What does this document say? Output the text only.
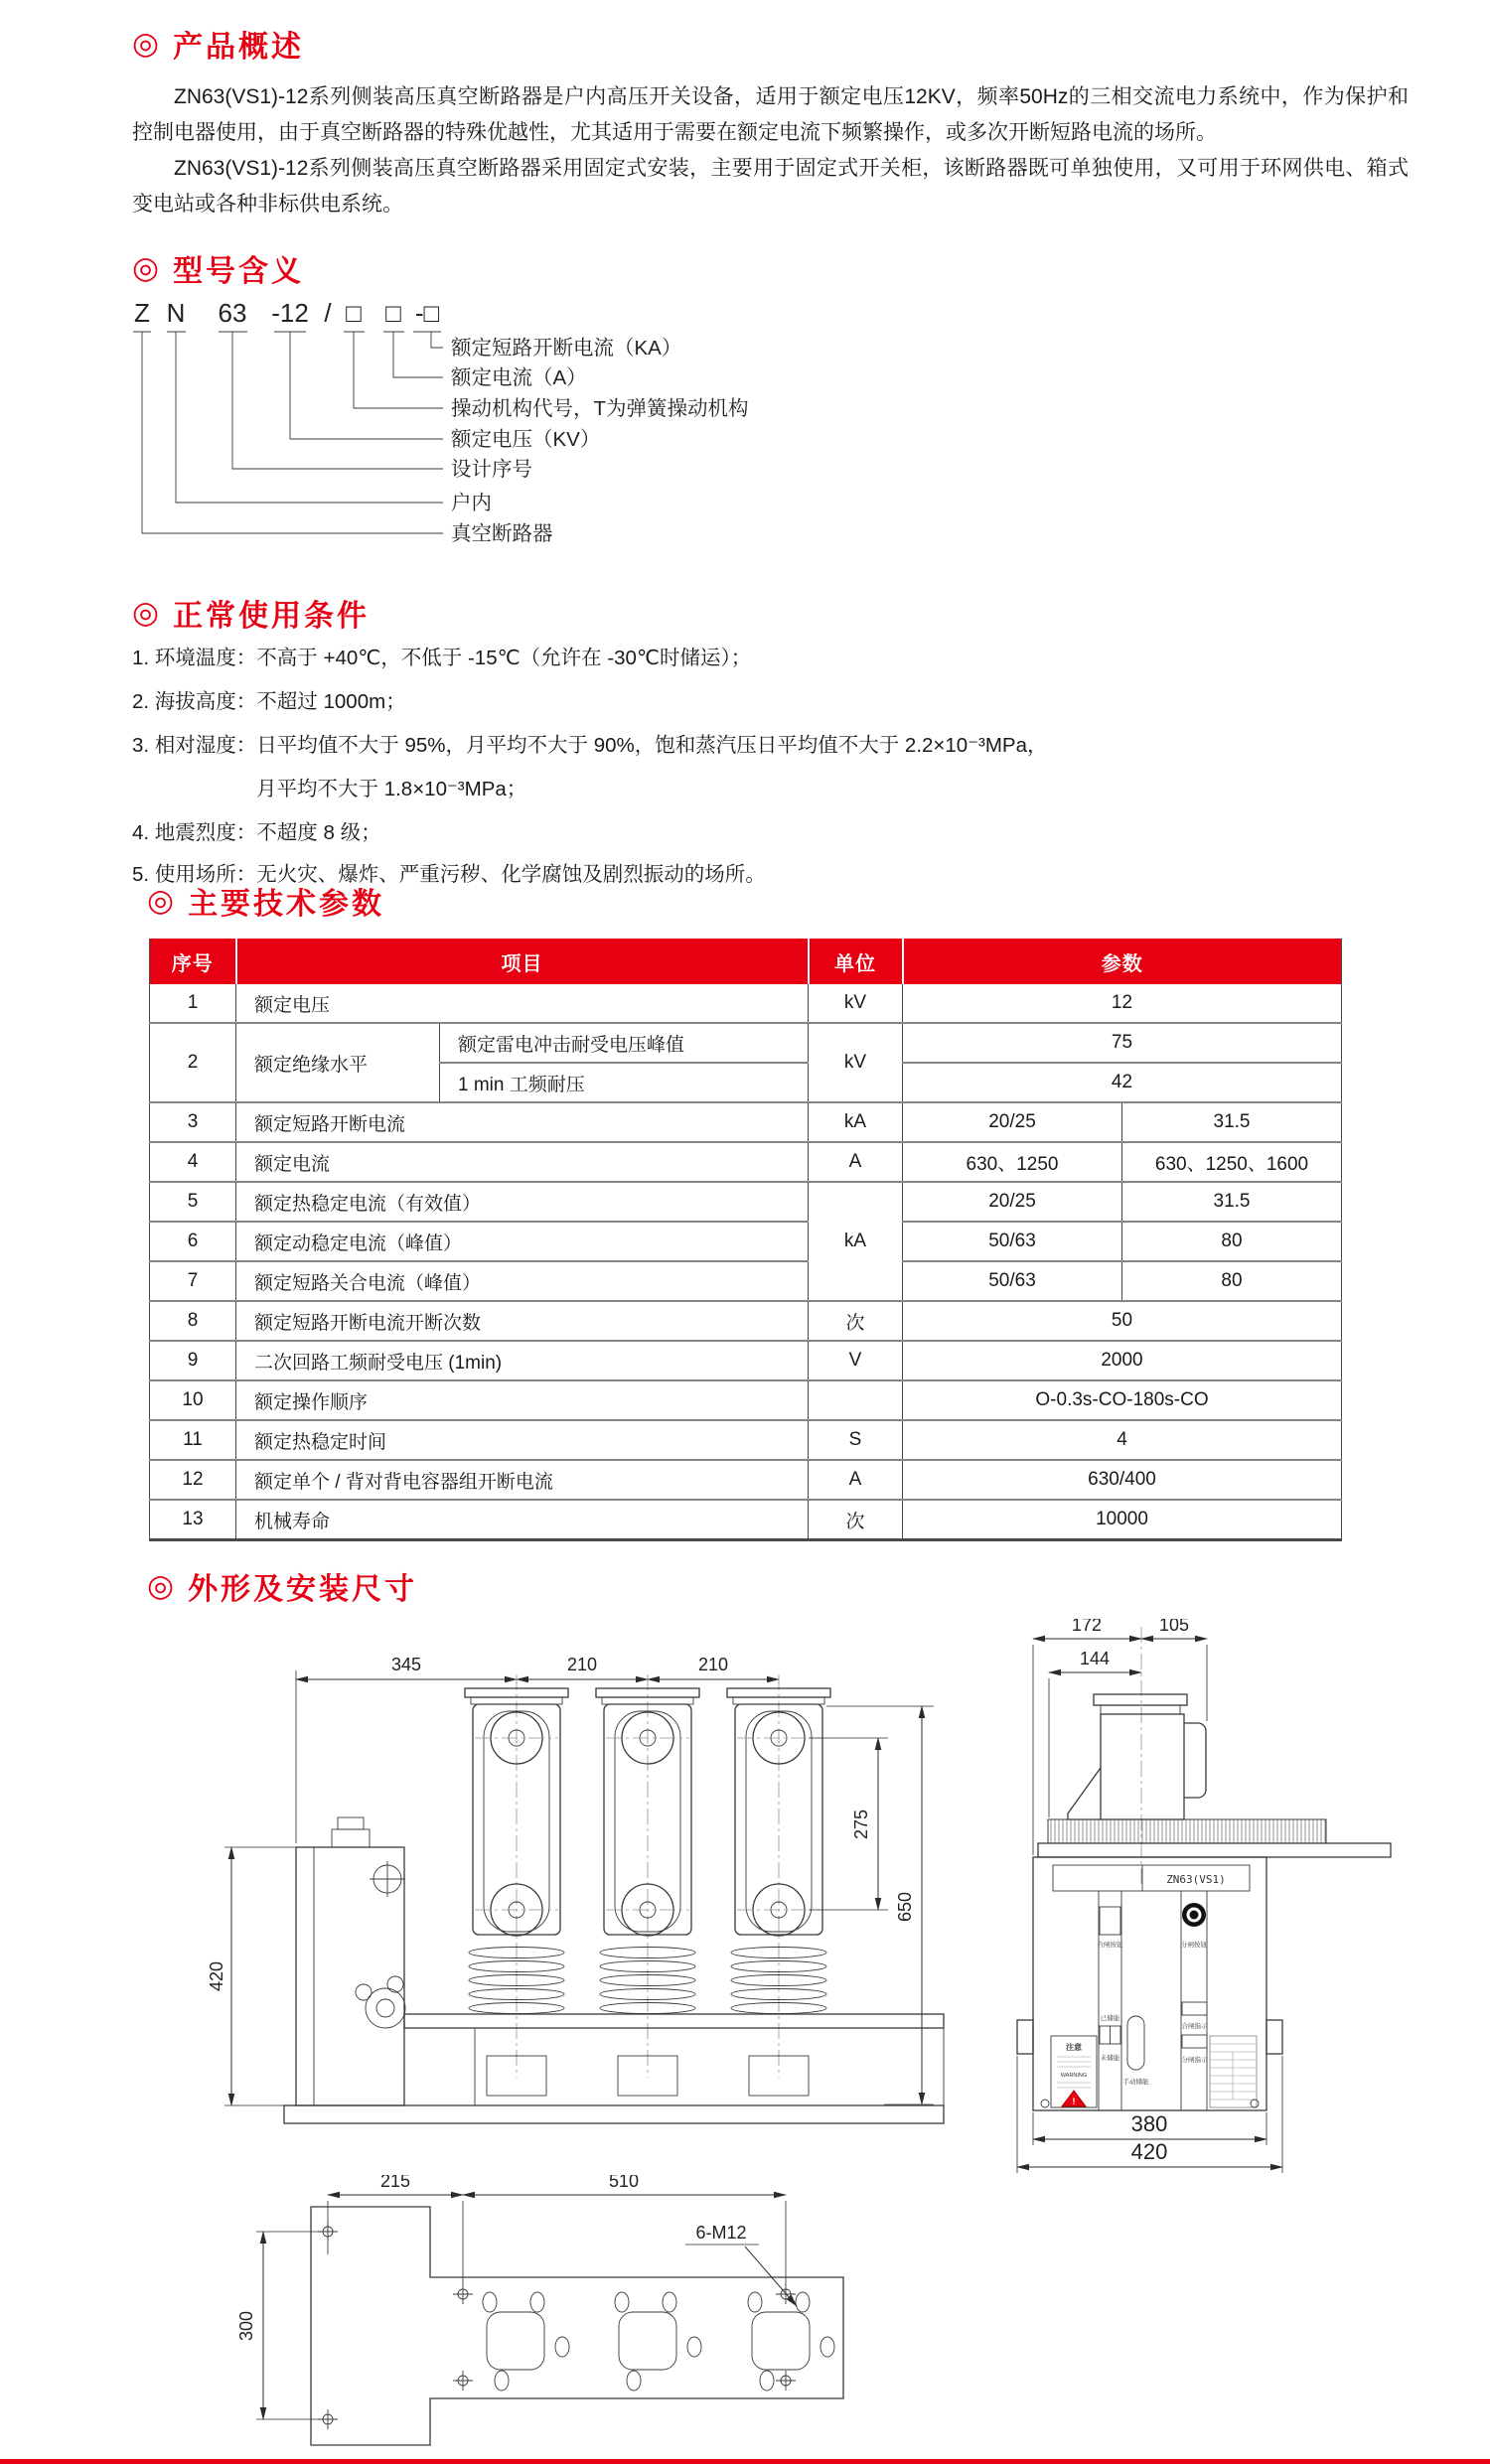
◎ 产品概述

ZN63(VS1)-12系列侧装高压真空断路器是户内高压开关设备，适用于额定电压12KV，频率50Hz的三相交流电力系统中，作为保护和控制电器使用，由于真空断路器的特殊优越性，尤其适用于需要在额定电流下频繁操作，或多次开断短路电流的场所。

ZN63(VS1)-12系列侧装高压真空断路器采用固定式安装，主要用于固定式开关柜，该断路器既可单独使用，又可用于环网供电、箱式变电站或各种非标供电系统。

◎ 型号含义
Z N 63 -12 / □ □ -□
额定短路开断电流（KA）
额定电流（A）
操动机构代号，T为弹簧操动机构
额定电压（KV）
设计序号
户内
真空断路器
◎ 正常使用条件
1. 环境温度：不高于 +40℃，不低于 -15℃（允许在 -30℃时储运）；
2. 海拔高度：不超过 1000m；
3. 相对湿度：日平均值不大于 95%，月平均不大于 90%，饱和蒸汽压日平均值不大于 2.2×10⁻³MPa，
月平均不大于 1.8×10⁻³MPa；
4. 地震烈度：不超度 8 级；
5. 使用场所：无火灾、爆炸、严重污秽、化学腐蚀及剧烈振动的场所。
◎ 主要技术参数
序号	项目		单位	参数	
1	额定电压		kV	12	
2	额定绝缘水平	额定雷电冲击耐受电压峰值	kV	75	
		1 min 工频耐压		42	
3	额定短路开断电流		kA	20/25	31.5
4	额定电流		A	630、1250	630、1250、1600
5	额定热稳定电流（有效值）		kA	20/25	31.5
6	额定动稳定电流（峰值）			50/63	80
7	额定短路关合电流（峰值）			50/63	80
8	额定短路开断电流开断次数		次	50	
9	二次回路工频耐受电压 (1min)		V	2000	
10	额定操作顺序			O-0.3s-CO-180s-CO	
11	额定热稳定时间		S	4	
12	额定单个 / 背对背电容器组开断电流		A	630/400	
13	机械寿命		次	10000	
◎ 外形及安装尺寸
345	210	210
420
275
650
172	105
144
ZN63(VS1)
合闸按钮
已储能
未储能
手动储能
分闸按钮
合闸指示
分闸指示
注意
WARNING
!
380
420
215	510
300
6-M12
